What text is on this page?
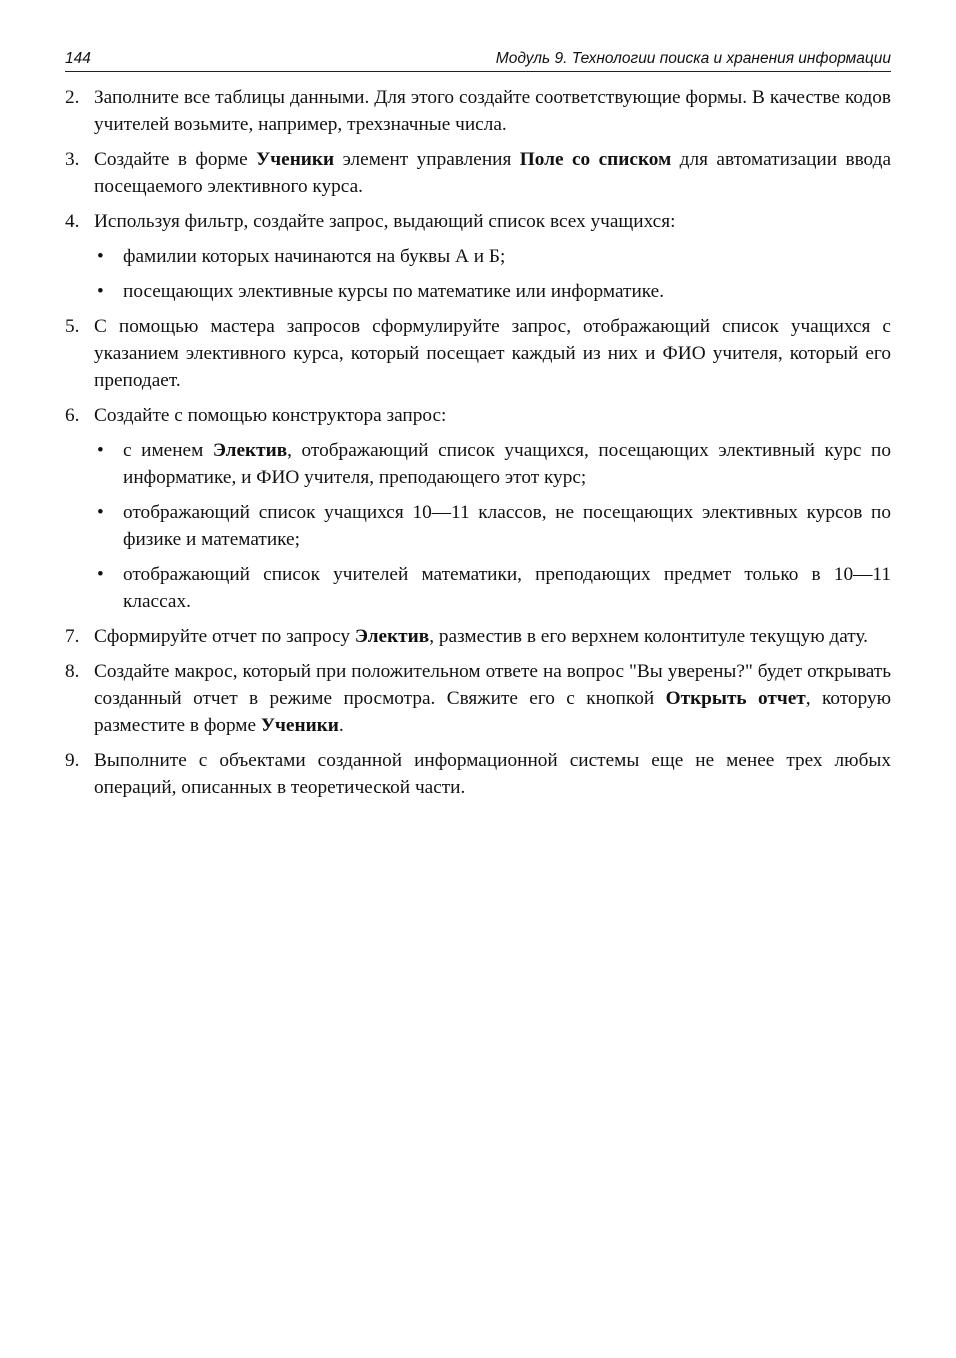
144	Модуль 9. Технологии поиска и хранения информации
2. Заполните все таблицы данными. Для этого создайте соответствующие формы. В качестве кодов учителей возьмите, например, трехзначные числа.
3. Создайте в форме Ученики элемент управления Поле со списком для автоматизации ввода посещаемого элективного курса.
4. Используя фильтр, создайте запрос, выдающий список всех учащихся:
• фамилии которых начинаются на буквы А и Б;
• посещающих элективные курсы по математике или информатике.
5. С помощью мастера запросов сформулируйте запрос, отображающий список учащихся с указанием элективного курса, который посещает каждый из них и ФИО учителя, который его преподает.
6. Создайте с помощью конструктора запрос:
• с именем Электив, отображающий список учащихся, посещающих элективный курс по информатике, и ФИО учителя, преподающего этот курс;
• отображающий список учащихся 10—11 классов, не посещающих элективных курсов по физике и математике;
• отображающий список учителей математики, преподающих предмет только в 10—11 классах.
7. Сформируйте отчет по запросу Электив, разместив в его верхнем колонтитуле текущую дату.
8. Создайте макрос, который при положительном ответе на вопрос "Вы уверены?" будет открывать созданный отчет в режиме просмотра. Свяжите его с кнопкой Открыть отчет, которую разместите в форме Ученики.
9. Выполните с объектами созданной информационной системы еще не менее трех любых операций, описанных в теоретической части.
